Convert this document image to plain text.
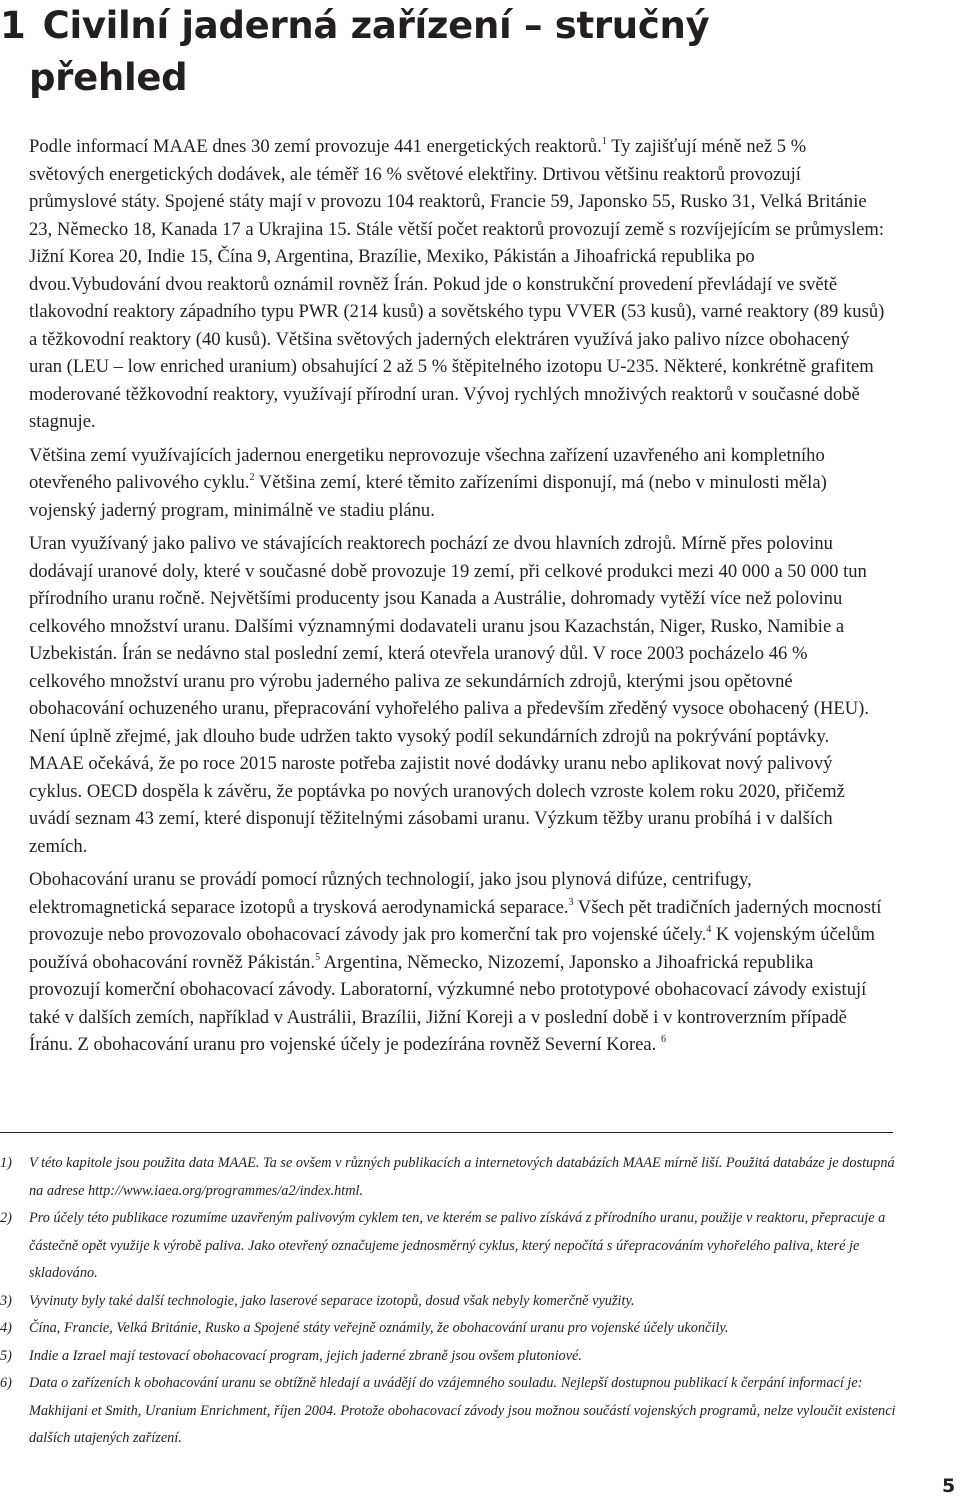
1 Civilní jaderná zařízení – stručný
přehled

Podle informací MAAE dnes 30 zemí provozuje 441 energetických reaktorů.$^1$ Ty zajišťují méně než 5 % světových energetických dodávek, ale téměř 16 % světové elektřiny. Drtivou většinu reaktorů provozují průmyslové státy. Spojené státy mají v provozu 104 reaktorů, Francie 59, Japonsko 55, Rusko 31, Velká Británie 23, Německo 18, Kanada 17 a Ukrajina 15. Stále větší počet reaktorů provozují země s rozvíjejícím se průmyslem: Jižní Korea 20, Indie 15, Čína 9, Argentina, Brazílie, Mexiko, Pákistán a Jihoafrická republika po dvou.Vybudování dvou reaktorů oznámil rovněž Írán. Pokud jde o konstrukční provedení převládají ve světě tlakovodní reaktory západního typu PWR (214 kusů) a sovětského typu VVER (53 kusů), varné reaktory (89 kusů) a těžkovodní reaktory (40 kusů). Většina světových jaderných elektráren využívá jako palivo nízce obohacený uran (LEU – low enriched uranium) obsahující 2 až 5 % štěpitelného izotopu U-235. Některé, konkrétně grafitem moderované těžkovodní reaktory, využívají přírodní uran. Vývoj rychlých množivých reaktorů v současné době stagnuje.

Většina zemí využívajících jadernou energetiku neprovozuje všechna zařízení uzavřeného ani kompletního otevřeného palivového cyklu.$^2$ Většina zemí, které těmito zařízeními disponují, má (nebo v minulosti měla) vojenský jaderný program, minimálně ve stadiu plánu.

Uran využívaný jako palivo ve stávajících reaktorech pochází ze dvou hlavních zdrojů. Mírně přes polovinu dodávají uranové doly, které v současné době provozuje 19 zemí, při celkové produkci mezi 40 000 a 50 000 tun přírodního uranu ročně. Největšími producenty jsou Kanada a Austrálie, dohromady vytěží více než polovinu celkového množství uranu. Dalšími významnými dodavateli uranu jsou Kazachstán, Niger, Rusko, Namibie a Uzbekistán. Írán se nedávno stal poslední zemí, která otevřela uranový důl. V roce 2003 pocházelo 46 % celkového množství uranu pro výrobu jaderného paliva ze sekundárních zdrojů, kterými jsou opětovné obohacování ochuzeného uranu, přepracování vyhořelého paliva a především zředěný vysoce obohacený (HEU). Není úplně zřejmé, jak dlouho bude udržen takto vysoký podíl sekundárních zdrojů na pokrývání poptávky. MAAE očekává, že po roce 2015 naroste potřeba zajistit nové dodávky uranu nebo aplikovat nový palivový cyklus. OECD dospěla k závěru, že poptávka po nových uranových dolech vzroste kolem roku 2020, přičemž uvádí seznam 43 zemí, které disponují těžitelnými zásobami uranu. Výzkum těžby uranu probíhá i v dalších zemích.

Obohacování uranu se provádí pomocí různých technologií, jako jsou plynová difúze, centrifugy, elektromagnetická separace izotopů a trysková aerodynamická separace.$^3$ Všech pět tradičních jaderných mocností provozuje nebo provozovalo obohacovací závody jak pro komerční tak pro vojenské účely.$^4$ K vojenským účelům používá obohacování rovněž Pákistán.$^5$ Argentina, Německo, Nizozemí, Japonsko a Jihoafrická republika provozují komerční obohacovací závody. Laboratorní, výzkumné nebo prototypové obohacovací závody existují také v dalších zemích, například v Austrálii, Brazílii, Jižní Koreji a v poslední době i v kontroverzním případě Íránu. Z obohacování uranu pro vojenské účely je podezírána rovněž Severní Korea. $^6$

1)	V této kapitole jsou použita data MAAE. Ta se ovšem v různých publikacích a internetových databázích MAAE mírně liší. Použitá databáze je dostupná na adrese http://www.iaea.org/programmes/a2/index.html.
2)	Pro účely této publikace rozumíme uzavřeným palivovým cyklem ten, ve kterém se palivo získává z přírodního uranu, použije v reaktoru, přepracuje a částečně opět využije k výrobě paliva. Jako otevřený označujeme jednosměrný cyklus, který nepočítá s úřepracováním vyhořelého paliva, které je skladováno.
3)	Vyvinuty byly také další technologie, jako laserové separace izotopů, dosud však nebyly komerčně využity.
4)	Čína, Francie, Velká Británie, Rusko a Spojené státy veřejně oznámily, že obohacování uranu pro vojenské účely ukončily.
5)	Indie a Izrael mají testovací obohacovací program, jejich jaderné zbraně jsou ovšem plutoniové.
6)	Data o zařízeních k obohacování uranu se obtížně hledají a uvádějí do vzájemného souladu. Nejlepší dostupnou publikací k čerpání informací je: Makhijani et Smith, Uranium Enrichment, říjen 2004. Protože obohacovací závody jsou možnou součástí vojenských programů, nelze vyloučit existenci dalších utajených zařízení.
5
